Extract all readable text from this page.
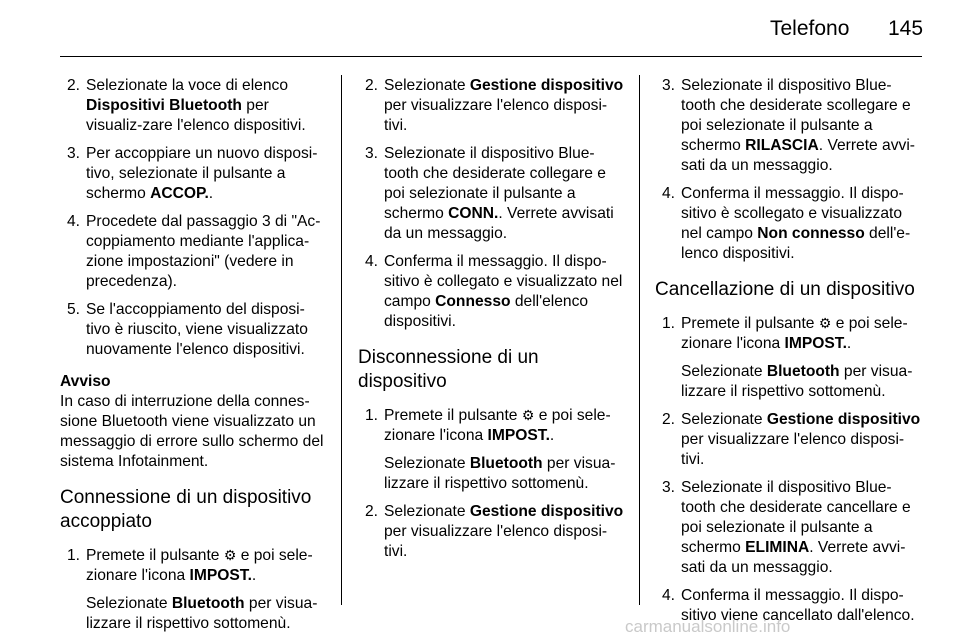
Telefono 145
2. Selezionate la voce di elenco Dispositivi Bluetooth per visualiz-zare l'elenco dispositivi.
3. Per accoppiare un nuovo disposi-tivo, selezionate il pulsante a schermo ACCOP..
4. Procedete dal passaggio 3 di "Ac-coppiamento mediante l'applica-zione impostazioni" (vedere in precedenza).
5. Se l'accoppiamento del disposi-tivo è riuscito, viene visualizzato nuovamente l'elenco dispositivi.
Avviso
In caso di interruzione della connes-sione Bluetooth viene visualizzato un messaggio di errore sullo schermo del sistema Infotainment.
Connessione di un dispositivo accoppiato
1. Premete il pulsante ⚙ e poi sele-zionare l'icona IMPOST..
Selezionate Bluetooth per visua-lizzare il rispettivo sottomenù.
2. Selezionate Gestione dispositivo per visualizzare l'elenco disposi-tivi.
3. Selezionate il dispositivo Blue-tooth che desiderate collegare e poi selezionate il pulsante a schermo CONN.. Verrete avvisati da un messaggio.
4. Conferma il messaggio. Il dispo-sitivo è collegato e visualizzato nel campo Connesso dell'elenco dispositivi.
Disconnessione di un dispositivo
1. Premete il pulsante ⚙ e poi sele-zionare l'icona IMPOST..
Selezionate Bluetooth per visua-lizzare il rispettivo sottomenù.
2. Selezionate Gestione dispositivo per visualizzare l'elenco disposi-tivi.
3. Selezionate il dispositivo Blue-tooth che desiderate scollegare e poi selezionate il pulsante a schermo RILASCIA. Verrete avvi-sati da un messaggio.
4. Conferma il messaggio. Il dispo-sitivo è scollegato e visualizzato nel campo Non connesso dell'e-lenco dispositivi.
Cancellazione di un dispositivo
1. Premete il pulsante ⚙ e poi sele-zionare l'icona IMPOST..
Selezionate Bluetooth per visua-lizzare il rispettivo sottomenù.
2. Selezionate Gestione dispositivo per visualizzare l'elenco disposi-tivi.
3. Selezionate il dispositivo Blue-tooth che desiderate cancellare e poi selezionate il pulsante a schermo ELIMINA. Verrete avvi-sati da un messaggio.
4. Conferma il messaggio. Il dispo-sitivo viene cancellato dall'elenco.
carmanualsonline.info
